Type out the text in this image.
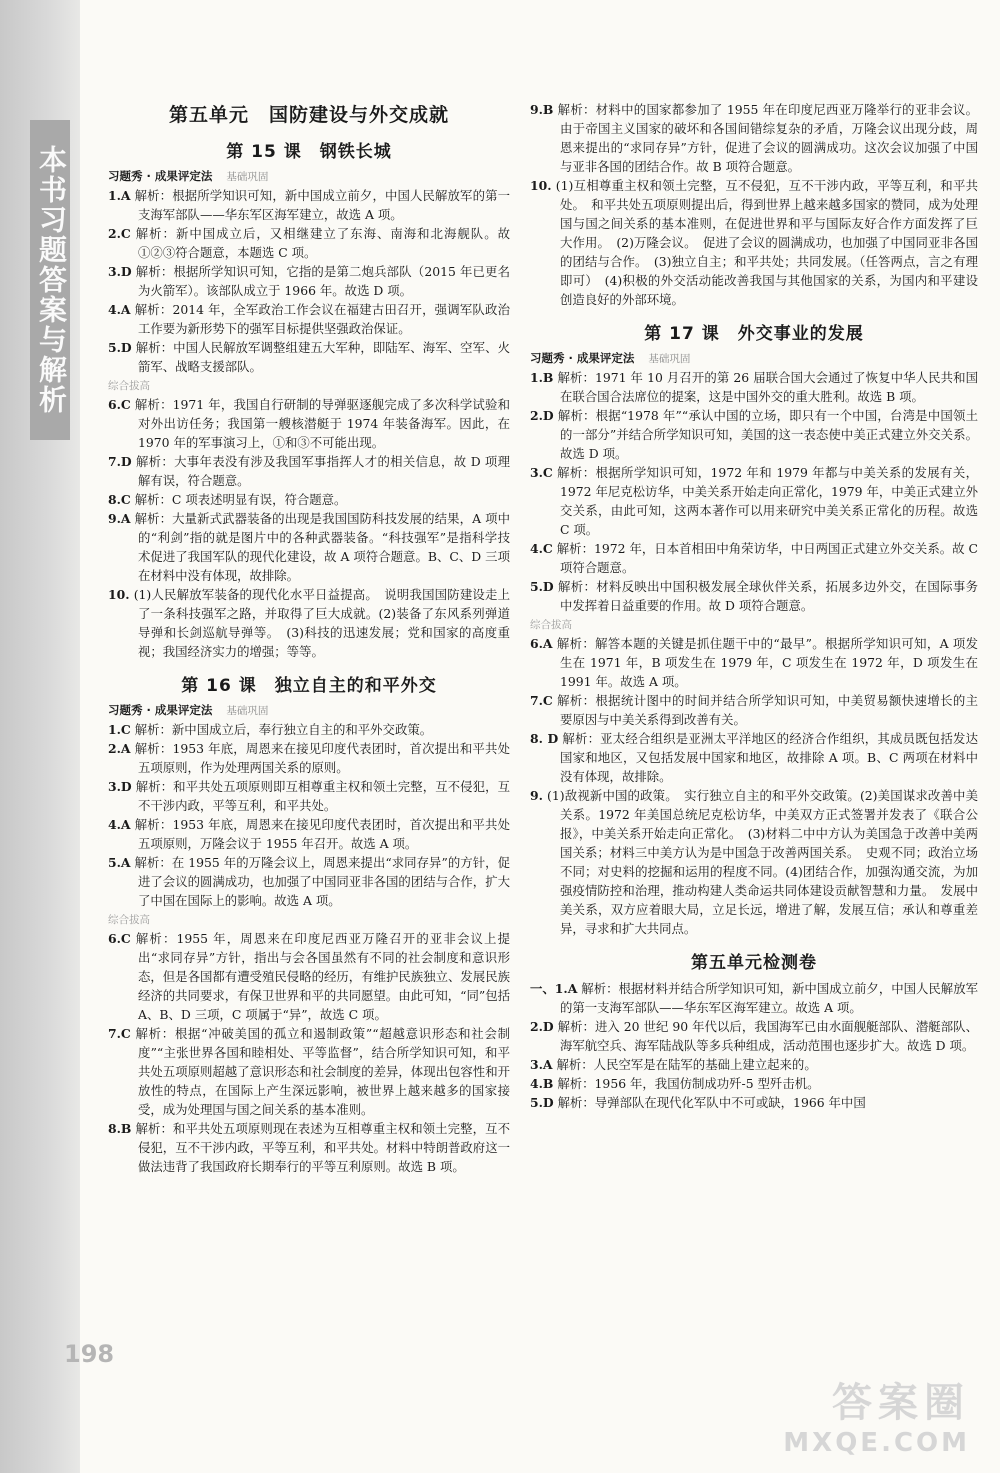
本书习题答案与解析
198
第五单元　国防建设与外交成就
第 15 课　钢铁长城
习题秀 · 成果评定法 基础巩固

1.A 解析：根据所学知识可知，新中国成立前夕，中国人民解放军的第一支海军部队——华东军区海军建立，故选 A 项。

2.C 解析：新中国成立后，又相继建立了东海、南海和北海舰队。故①②③符合题意，本题选 C 项。

3.D 解析：根据所学知识可知，它指的是第二炮兵部队（2015 年已更名为火箭军）。该部队成立于 1966 年。故选 D 项。

4.A 解析：2014 年，全军政治工作会议在福建古田召开，强调军队政治工作要为新形势下的强军目标提供坚强政治保证。

5.D 解析：中国人民解放军调整组建五大军种，即陆军、海军、空军、火箭军、战略支援部队。

综合拔高

6.C 解析：1971 年，我国自行研制的导弹驱逐舰完成了多次科学试验和对外出访任务；我国第一艘核潜艇于 1974 年装备海军。因此，在 1970 年的军事演习上，①和③不可能出现。

7.D 解析：大事年表没有涉及我国军事指挥人才的相关信息，故 D 项理解有误，符合题意。

8.C 解析：C 项表述明显有误，符合题意。

9.A 解析：大量新式武器装备的出现是我国国防科技发展的结果，A 项中的“利剑”指的就是图片中的各种武器装备。“科技强军”是指科学技术促进了我国军队的现代化建设，故 A 项符合题意。B、C、D 三项在材料中没有体现，故排除。

10. (1)人民解放军装备的现代化水平日益提高。　说明我国国防建设走上了一条科技强军之路，并取得了巨大成就。(2)装备了东风系列弹道导弹和长剑巡航导弹等。　(3)科技的迅速发展；党和国家的高度重视；我国经济实力的增强；等等。

第 16 课　独立自主的和平外交
习题秀 · 成果评定法 基础巩固

1.C 解析：新中国成立后，奉行独立自主的和平外交政策。

2.A 解析：1953 年底，周恩来在接见印度代表团时，首次提出和平共处五项原则，作为处理两国关系的原则。

3.D 解析：和平共处五项原则即互相尊重主权和领土完整，互不侵犯，互不干涉内政，平等互利，和平共处。

4.A 解析：1953 年底，周恩来在接见印度代表团时，首次提出和平共处五项原则，万隆会议于 1955 年召开。故选 A 项。

5.A 解析：在 1955 年的万隆会议上，周恩来提出“求同存异”的方针，促进了会议的圆满成功，也加强了中国同亚非各国的团结与合作，扩大了中国在国际上的影响。故选 A 项。

综合拔高

6.C 解析：1955 年，周恩来在印度尼西亚万隆召开的亚非会议上提出“求同存异”方针，指出与会各国虽然有不同的社会制度和意识形态，但是各国都有遭受殖民侵略的经历，有维护民族独立、发展民族经济的共同要求，有保卫世界和平的共同愿望。由此可知，“同”包括 A、B、D 三项，C 项属于“异”，故选 C 项。

7.C 解析：根据“冲破美国的孤立和遏制政策”“超越意识形态和社会制度”“主张世界各国和睦相处、平等监督”，结合所学知识可知，和平共处五项原则超越了意识形态和社会制度的差异，体现出包容性和开放性的特点，在国际上产生深远影响，被世界上越来越多的国家接受，成为处理国与国之间关系的基本准则。

8.B 解析：和平共处五项原则现在表述为互相尊重主权和领土完整，互不侵犯，互不干涉内政，平等互利，和平共处。材料中特朗普政府这一做法违背了我国政府长期奉行的平等互利原则。故选 B 项。

9.B 解析：材料中的国家都参加了 1955 年在印度尼西亚万隆举行的亚非会议。由于帝国主义国家的破坏和各国间错综复杂的矛盾，万隆会议出现分歧，周恩来提出的“求同存异”方针，促进了会议的圆满成功。这次会议加强了中国与亚非各国的团结合作。故 B 项符合题意。

10. (1)互相尊重主权和领土完整，互不侵犯，互不干涉内政，平等互利，和平共处。　和平共处五项原则提出后，得到世界上越来越多国家的赞同，成为处理国与国之间关系的基本准则，在促进世界和平与国际友好合作方面发挥了巨大作用。　(2)万隆会议。　促进了会议的圆满成功，也加强了中国同亚非各国的团结与合作。　(3)独立自主；和平共处；共同发展。（任答两点，言之有理即可）　(4)积极的外交活动能改善我国与其他国家的关系，为国内和平建设创造良好的外部环境。

第 17 课　外交事业的发展
习题秀 · 成果评定法 基础巩固

1.B 解析：1971 年 10 月召开的第 26 届联合国大会通过了恢复中华人民共和国在联合国合法席位的提案，这是中国外交的重大胜利。故选 B 项。

2.D 解析：根据“1978 年”“承认中国的立场，即只有一个中国，台湾是中国领土的一部分”并结合所学知识可知，美国的这一表态使中美正式建立外交关系。故选 D 项。

3.C 解析：根据所学知识可知，1972 年和 1979 年都与中美关系的发展有关，1972 年尼克松访华，中美关系开始走向正常化，1979 年，中美正式建立外交关系，由此可知，这两本著作可以用来研究中美关系正常化的历程。故选 C 项。

4.C 解析：1972 年，日本首相田中角荣访华，中日两国正式建立外交关系。故 C 项符合题意。

5.D 解析：材料反映出中国积极发展全球伙伴关系，拓展多边外交，在国际事务中发挥着日益重要的作用。故 D 项符合题意。

综合拔高

6.A 解析：解答本题的关键是抓住题干中的“最早”。根据所学知识可知，A 项发生在 1971 年，B 项发生在 1979 年，C 项发生在 1972 年，D 项发生在 1991 年。故选 A 项。

7.C 解析：根据统计图中的时间并结合所学知识可知，中美贸易额快速增长的主要原因与中美关系得到改善有关。

8. D 解析：亚太经合组织是亚洲太平洋地区的经济合作组织，其成员既包括发达国家和地区，又包括发展中国家和地区，故排除 A 项。B、C 两项在材料中没有体现，故排除。

9. (1)敌视新中国的政策。　实行独立自主的和平外交政策。(2)美国谋求改善中美关系。1972 年美国总统尼克松访华，中美双方正式签署并发表了《联合公报》，中美关系开始走向正常化。　(3)材料二中中方认为美国急于改善中美两国关系；材料三中美方认为是中国急于改善两国关系。　史观不同；政治立场不同；对史料的挖掘和运用的程度不同。(4)团结合作，加强沟通交流，为加强疫情防控和治理，推动构建人类命运共同体建设贡献智慧和力量。　发展中美关系，双方应着眼大局，立足长远，增进了解，发展互信；承认和尊重差异，寻求和扩大共同点。

第五单元检测卷

一、1.A 解析：根据材料并结合所学知识可知，新中国成立前夕，中国人民解放军的第一支海军部队——华东军区海军建立。故选 A 项。

2.D 解析：进入 20 世纪 90 年代以后，我国海军已由水面舰艇部队、潜艇部队、海军航空兵、海军陆战队等多兵种组成，活动范围也逐步扩大。故选 D 项。

3.A 解析：人民空军是在陆军的基础上建立起来的。

4.B 解析：1956 年，我国仿制成功歼-5 型歼击机。

5.D 解析：导弹部队在现代化军队中不可或缺，1966 年中国

答案圈
MXQE.COM
